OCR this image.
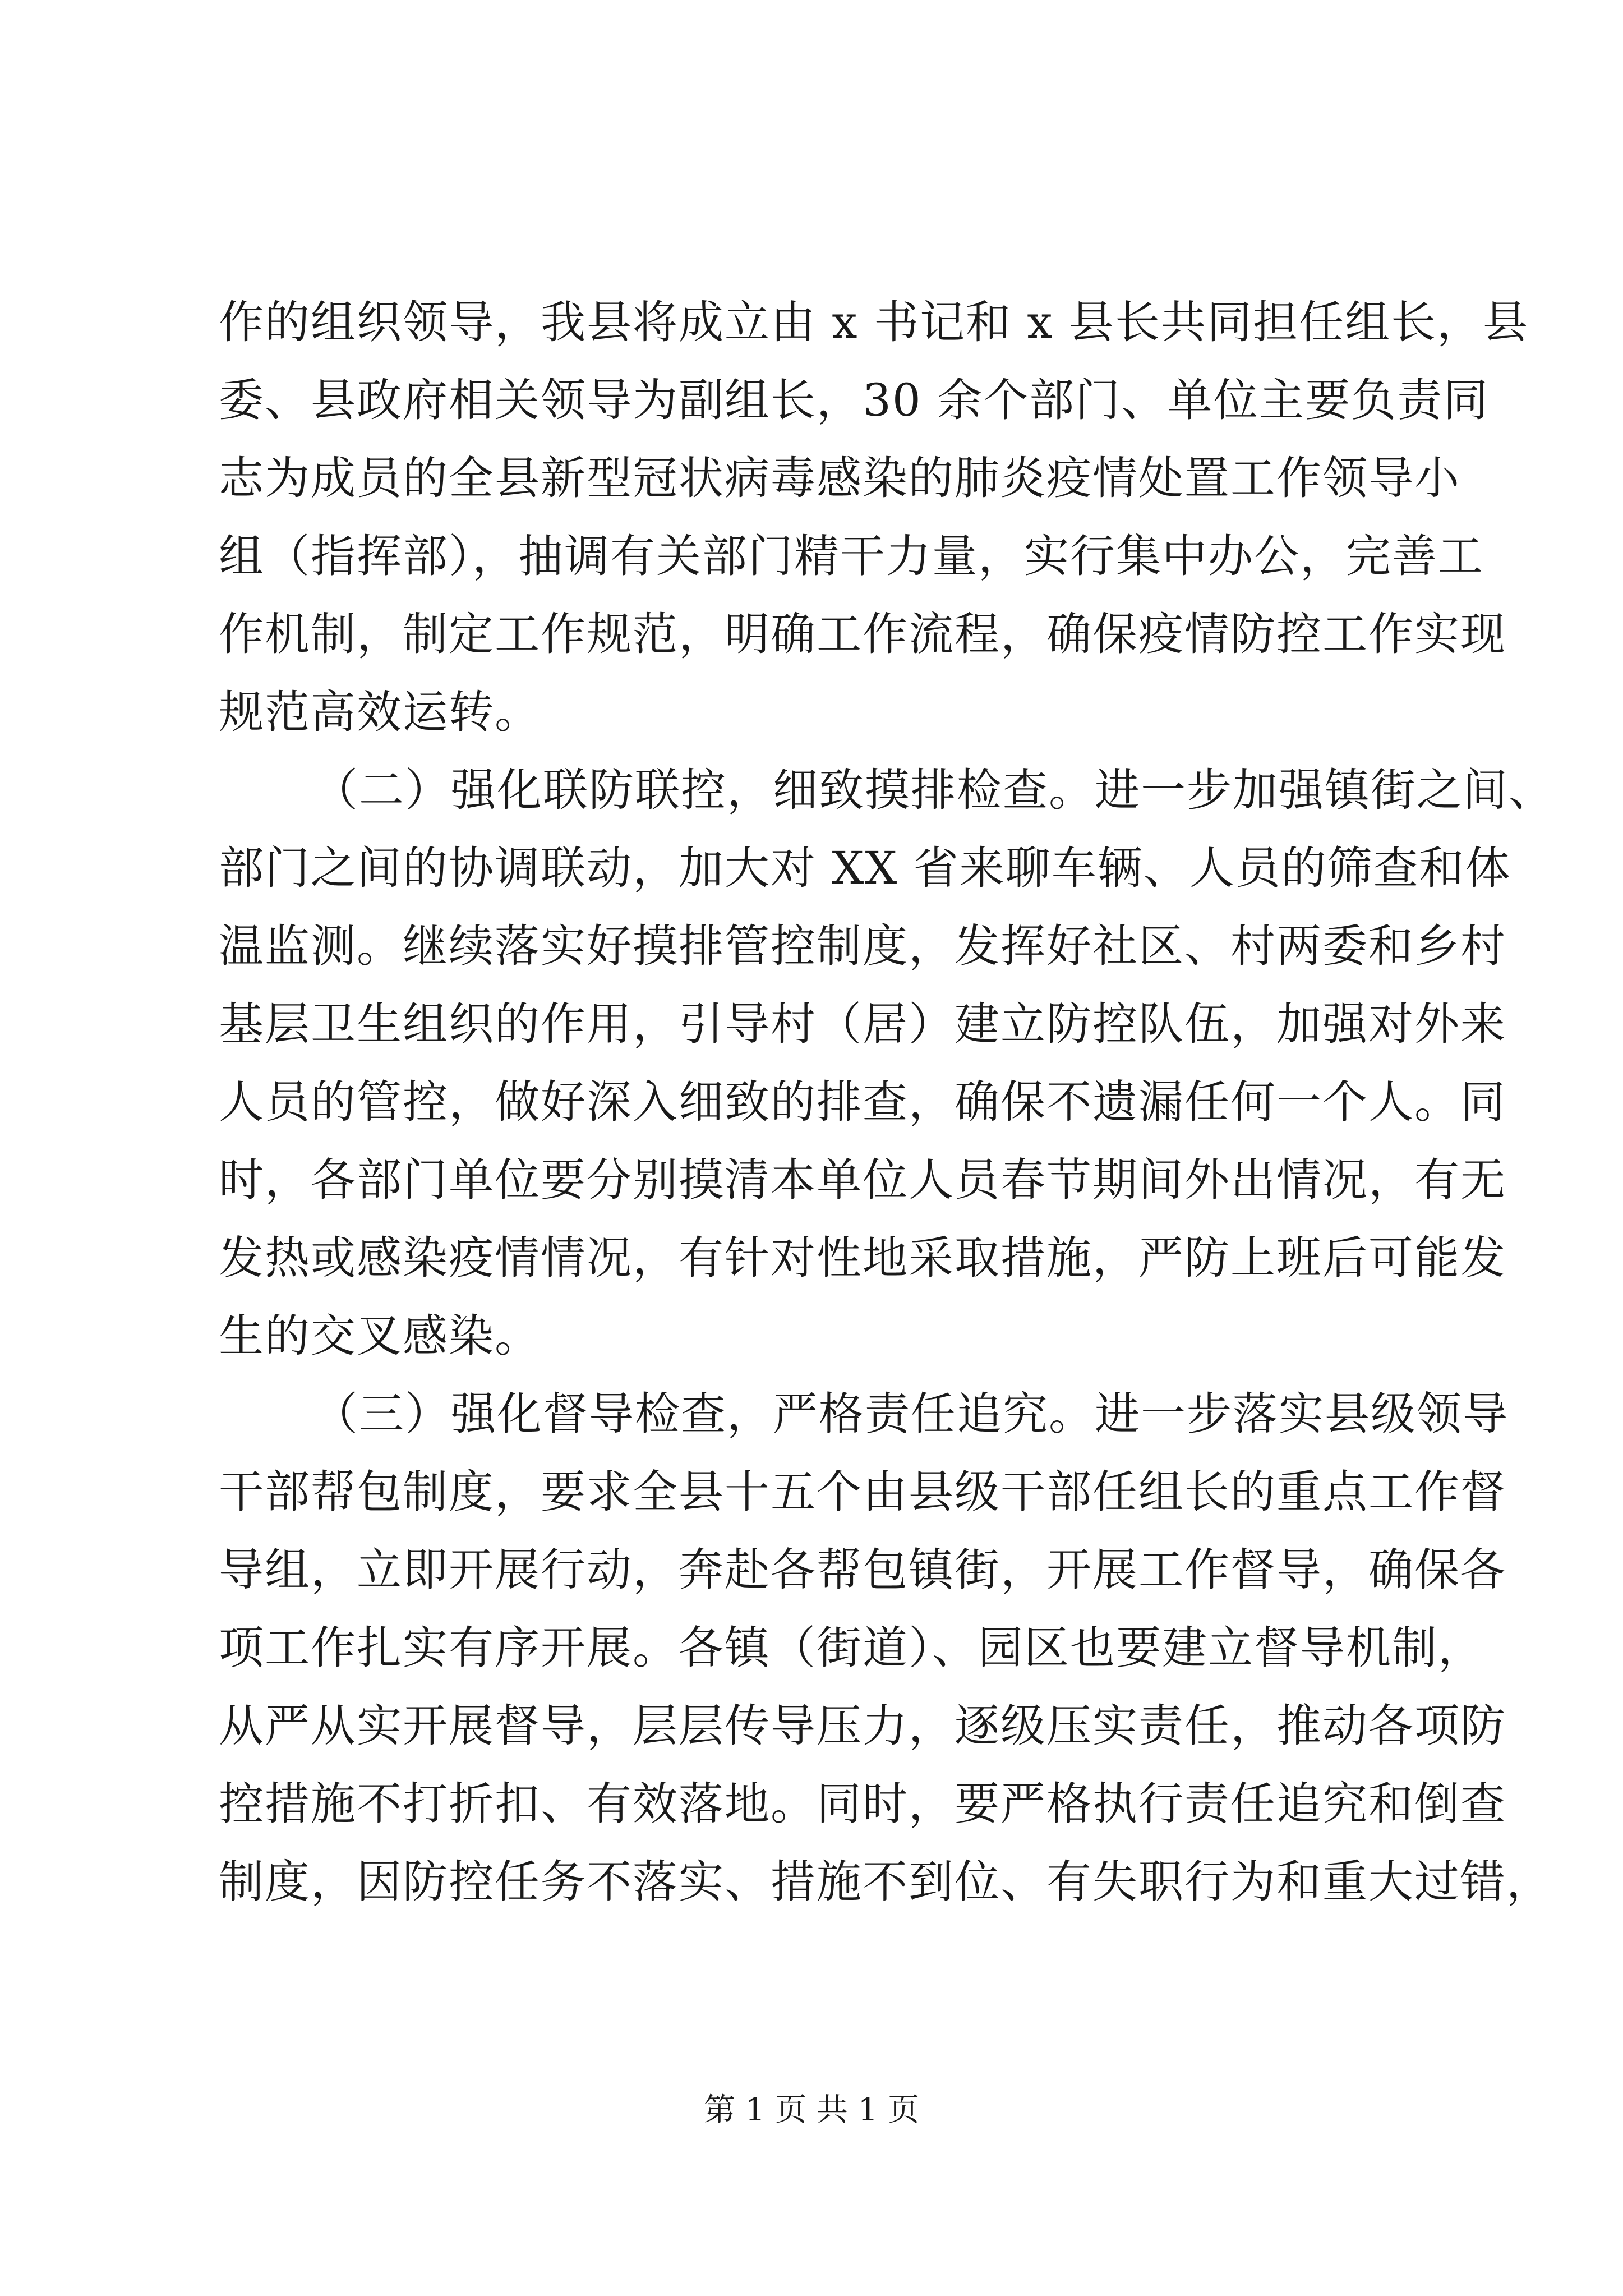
作的组织领导，我县将成立由 x 书记和 x 县长共同担任组长，县
委、县政府相关领导为副组长，30 余个部门、单位主要负责同
志为成员的全县新型冠状病毒感染的肺炎疫情处置工作领导小
组（指挥部），抽调有关部门精干力量，实行集中办公，完善工
作机制，制定工作规范，明确工作流程，确保疫情防控工作实现
规范高效运转。
（二）强化联防联控，细致摸排检查。进一步加强镇街之间、
部门之间的协调联动，加大对 XX 省来聊车辆、人员的筛查和体
温监测。继续落实好摸排管控制度，发挥好社区、村两委和乡村
基层卫生组织的作用，引导村（居）建立防控队伍，加强对外来
人员的管控，做好深入细致的排查，确保不遗漏任何一个人。同
时，各部门单位要分别摸清本单位人员春节期间外出情况，有无
发热或感染疫情情况，有针对性地采取措施，严防上班后可能发
生的交叉感染。
（三）强化督导检查，严格责任追究。进一步落实县级领导
干部帮包制度，要求全县十五个由县级干部任组长的重点工作督
导组，立即开展行动，奔赴各帮包镇街，开展工作督导，确保各
项工作扎实有序开展。各镇（街道）、园区也要建立督导机制，
从严从实开展督导，层层传导压力，逐级压实责任，推动各项防
控措施不打折扣、有效落地。同时，要严格执行责任追究和倒查
制度，因防控任务不落实、措施不到位、有失职行为和重大过错，
第 1 页 共 1 页
